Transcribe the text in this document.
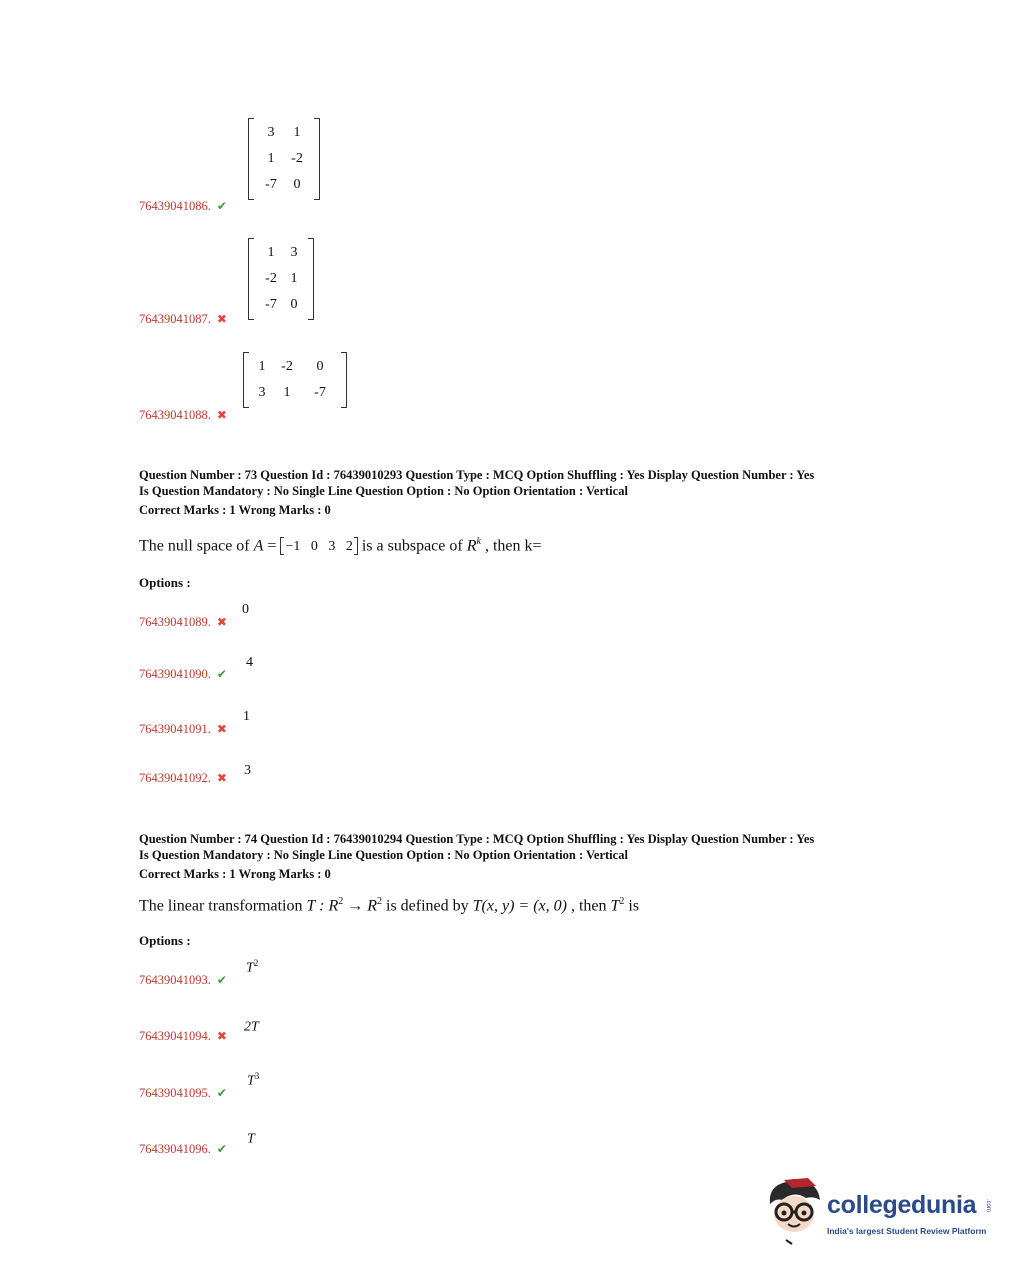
3	1
1	-2
-7	0
76439041086. ✔
1	3
-2 1
-7 0
76439041087. ✖
1	-2	0
3	1	-7
76439041088. ✖
Question Number : 73 Question Id : 76439010293 Question Type : MCQ Option Shuffling : Yes Display Question Number : Yes
Is Question Mandatory : No Single Line Question Option : No Option Orientation : Vertical
Correct Marks : 1 Wrong Marks : 0
The null space of A =
−1   0   3   2 is a subspace of $R^k$ , then k=
Options :
76439041089. ✖
0
76439041090. ✔
4
76439041091. ✖
1
76439041092. ✖ 3
Question Number : 74 Question Id : 76439010294 Question Type : MCQ Option Shuffling : Yes Display Question Number : Yes
Is Question Mandatory : No Single Line Question Option : No Option Orientation : Vertical
Correct Marks : 1 Wrong Marks : 0
The linear transformation T : $R^2 \to R^2$ is defined by T(x, y) = (x, 0) , then $T^2$ is
Options :
76439041093. ✔
$T^2$
76439041094. ✖
2T
76439041095. ✔
$T^3$
76439041096. ✔
T
collegedunia .com
India's largest Student Review Platform
